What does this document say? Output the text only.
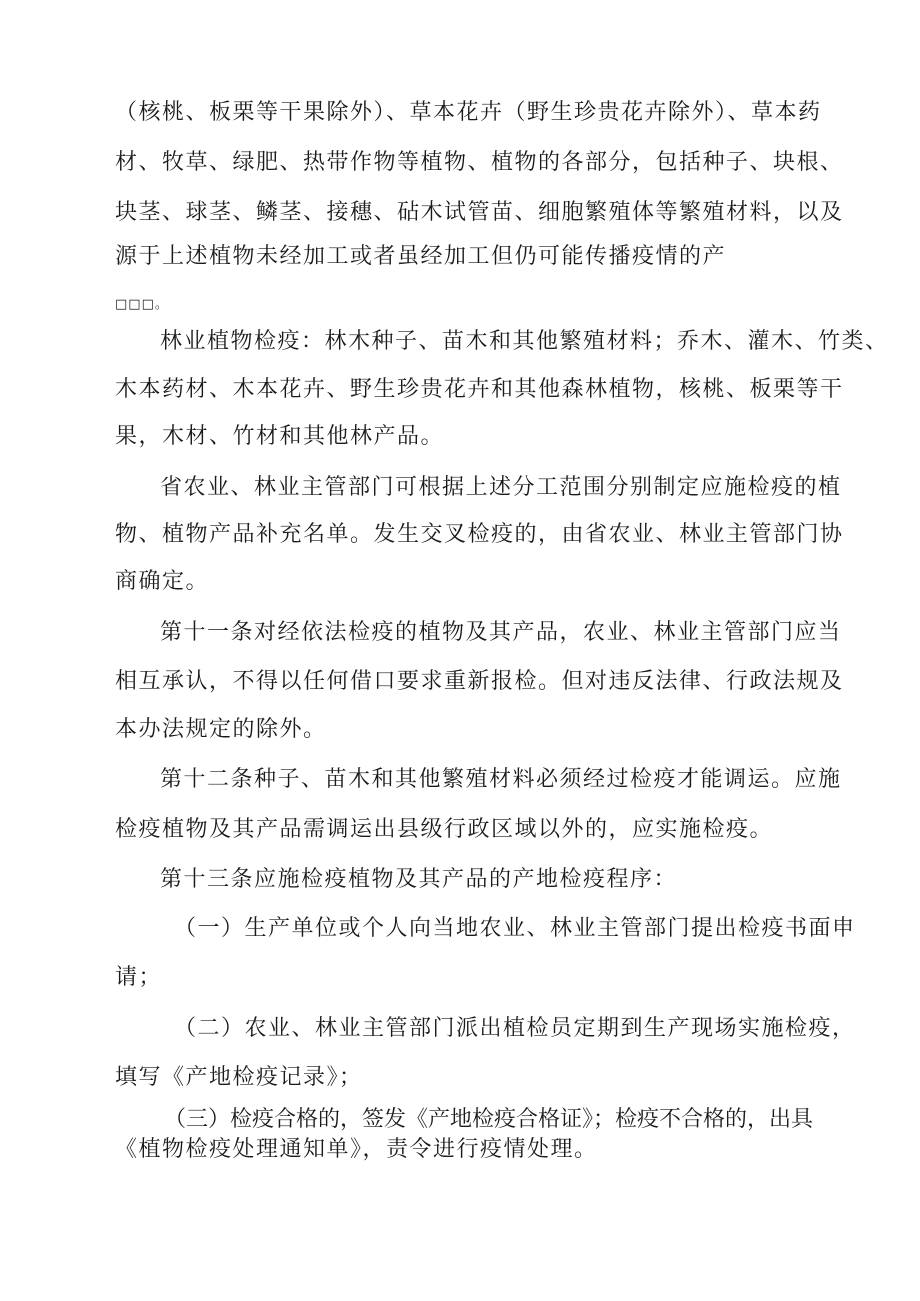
（核桃、板栗等干果除外）、草本花卉（野生珍贵花卉除外）、草本药
材、牧草、绿肥、热带作物等植物、植物的各部分，包括种子、块根、
块茎、球茎、鳞茎、接穗、砧木试管苗、细胞繁殖体等繁殖材料，以及
源于上述植物未经加工或者虽经加工但仍可能传播疫情的产
□□□。
林业植物检疫：林木种子、苗木和其他繁殖材料；乔木、灌木、竹类、
木本药材、木本花卉、野生珍贵花卉和其他森林植物，核桃、板栗等干
果，木材、竹材和其他林产品。
省农业、林业主管部门可根据上述分工范围分别制定应施检疫的植
物、植物产品补充名单。发生交叉检疫的，由省农业、林业主管部门协
商确定。
第十一条对经依法检疫的植物及其产品，农业、林业主管部门应当
相互承认，不得以任何借口要求重新报检。但对违反法律、行政法规及
本办法规定的除外。
第十二条种子、苗木和其他繁殖材料必须经过检疫才能调运。应施
检疫植物及其产品需调运出县级行政区域以外的，应实施检疫。
第十三条应施检疫植物及其产品的产地检疫程序：
（一）生产单位或个人向当地农业、林业主管部门提出检疫书面申
请；
（二）农业、林业主管部门派出植检员定期到生产现场实施检疫，
填写《产地检疫记录》；
（三）检疫合格的，签发《产地检疫合格证》；检疫不合格的，出具
《植物检疫处理通知单》，责令进行疫情处理。
